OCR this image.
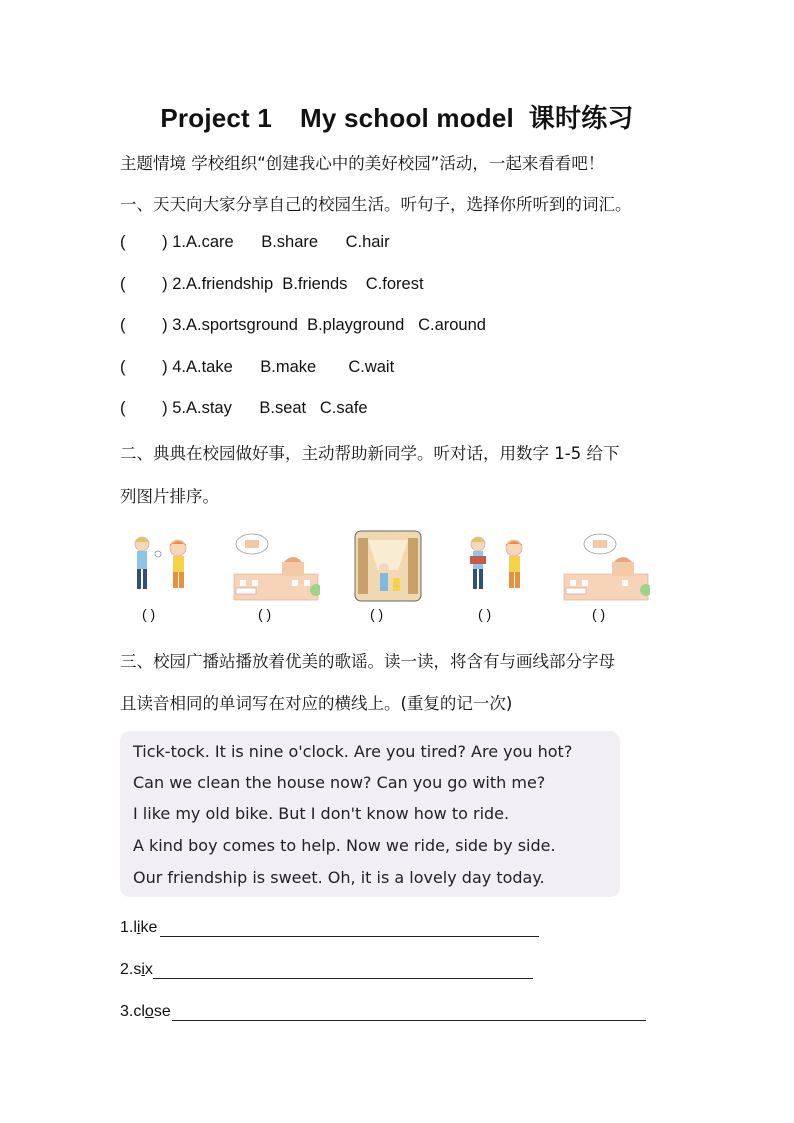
Project 1 My school model 课时练习
主题情境 学校组织“创建我心中的美好校园”活动，一起来看看吧！
一、天天向大家分享自己的校园生活。听句子，选择你所听到的词汇。
(        ) 1.A.care      B.share      C.hair
(        ) 2.A.friendship  B.friends    C.forest
(        ) 3.A.sportsground  B.playground   C.around
(        ) 4.A.take      B.make       C.wait
(        ) 5.A.stay      B.seat   C.safe
二、典典在校园做好事，主动帮助新同学。听对话，用数字 1-5 给下
列图片排序。
( )	( )	( )	( )	( )
三、校园广播站播放着优美的歌谣。读一读，将含有与画线部分字母
且读音相同的单词写在对应的横线上。(重复的记一次)
Tick-tock. It is nine o'clock. Are you tired? Are you hot?
Can we clean the house now? Can you go with me?
I like my old bike. But I don't know how to ride.
A kind boy comes to help. Now we ride, side by side.
Our friendship is sweet. Oh, it is a lovely day today.
1.like
2.six
3.close
